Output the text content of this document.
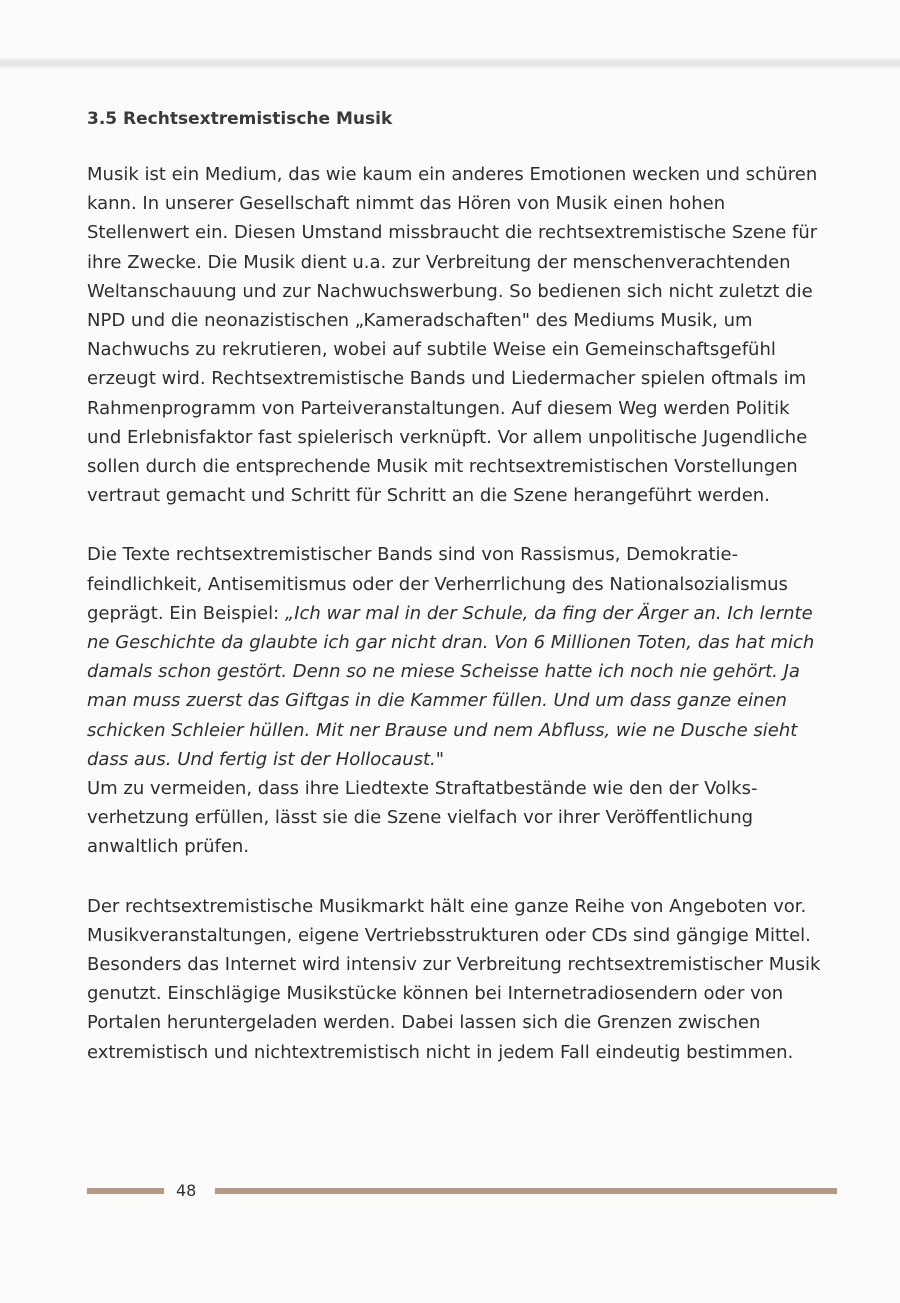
3.5 Rechtsextremistische Musik

Musik ist ein Medium, das wie kaum ein anderes Emotionen wecken und schüren kann. In unserer Gesellschaft nimmt das Hören von Musik einen hohen Stellenwert ein. Diesen Umstand missbraucht die rechtsextremistische Szene für ihre Zwecke. Die Musik dient u.a. zur Verbreitung der menschenverachtenden Weltanschauung und zur Nachwuchswerbung. So bedienen sich nicht zuletzt die NPD und die neonazistischen „Kameradschaften" des Mediums Musik, um Nachwuchs zu rekrutieren, wobei auf subtile Weise ein Gemeinschaftsgefühl erzeugt wird. Rechtsextremistische Bands und Liedermacher spielen oftmals im Rahmenprogramm von Parteiveranstaltungen. Auf diesem Weg werden Politik und Erlebnisfaktor fast spielerisch verknüpft. Vor allem unpolitische Jugendliche sollen durch die entsprechende Musik mit rechtsextremistischen Vorstellungen vertraut gemacht und Schritt für Schritt an die Szene herangeführt werden.

Die Texte rechtsextremistischer Bands sind von Rassismus, Demokratiefeindlichkeit, Antisemitismus oder der Verherrlichung des Nationalsozialismus geprägt. Ein Beispiel: „Ich war mal in der Schule, da fing der Ärger an. Ich lernte ne Geschichte da glaubte ich gar nicht dran. Von 6 Millionen Toten, das hat mich damals schon gestört. Denn so ne miese Scheisse hatte ich noch nie gehört. Ja man muss zuerst das Giftgas in die Kammer füllen. Und um dass ganze einen schicken Schleier hüllen. Mit ner Brause und nem Abfluss, wie ne Dusche sieht dass aus. Und fertig ist der Hollocaust."

Um zu vermeiden, dass ihre Liedtexte Straftatbestände wie den der Volksverhetzung erfüllen, lässt sie die Szene vielfach vor ihrer Veröffentlichung anwaltlich prüfen.

Der rechtsextremistische Musikmarkt hält eine ganze Reihe von Angeboten vor. Musikveranstaltungen, eigene Vertriebsstrukturen oder CDs sind gängige Mittel. Besonders das Internet wird intensiv zur Verbreitung rechtsextremistischer Musik genutzt. Einschlägige Musikstücke können bei Internetradiosendern oder von Portalen heruntergeladen werden. Dabei lassen sich die Grenzen zwischen extremistisch und nichtextremistisch nicht in jedem Fall eindeutig bestimmen.

48
